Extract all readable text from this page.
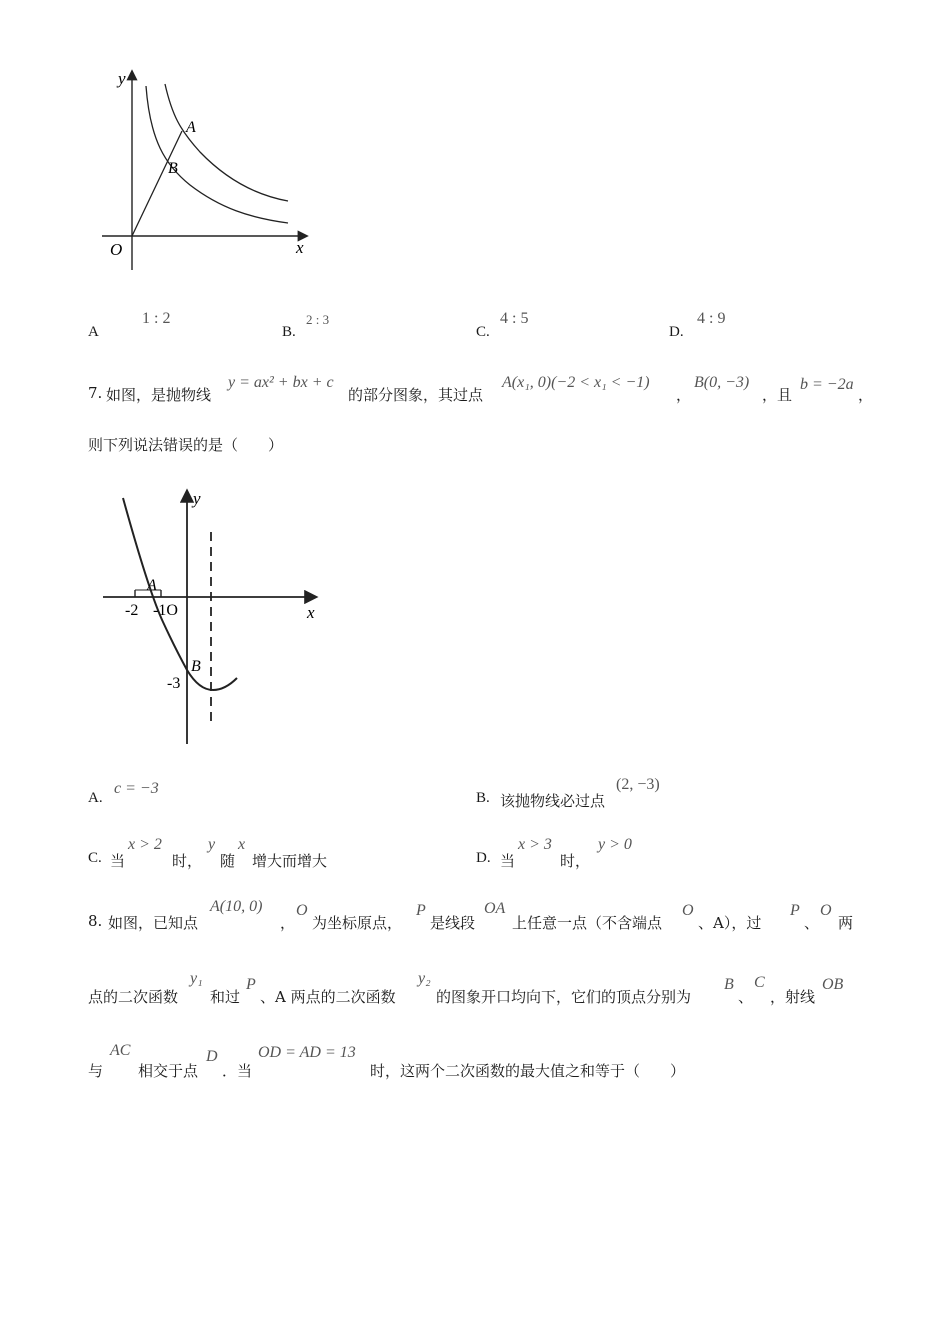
y
x
O
A
B
A
1 : 2
B.
2 : 3
C.
4 : 5
D.
4 : 9
7. 如图，是抛物线
y = ax² + bx + c
的部分图象，其过点
A(x₁, 0)(−2 < x₁ < −1)
，
B(0, −3)
，且
b = −2a
，
则下列说法错误的是（　　）
y
x
-2 -1O
-3
A
B
A.
c = −3
B. 该抛物线必过点
(2, −3)
C. 当
x > 2
时，
y
随
x
增大而增大	D. 当
x > 3
时，
y > 0
8. 如图，已知点
A(10, 0)
，
O
为坐标原点，
P
是线段
OA
上任意一点（不含端点
O
、A），过
P
、
O
两
点的二次函数
y₁
和过
P
、A 两点的二次函数
y₂
的图象开口均向下，它们的顶点分别为
B
、
C
，射线
OB
与
AC
相交于点
D
．当
OD = AD = 13
时，这两个二次函数的最大值之和等于（　　）
